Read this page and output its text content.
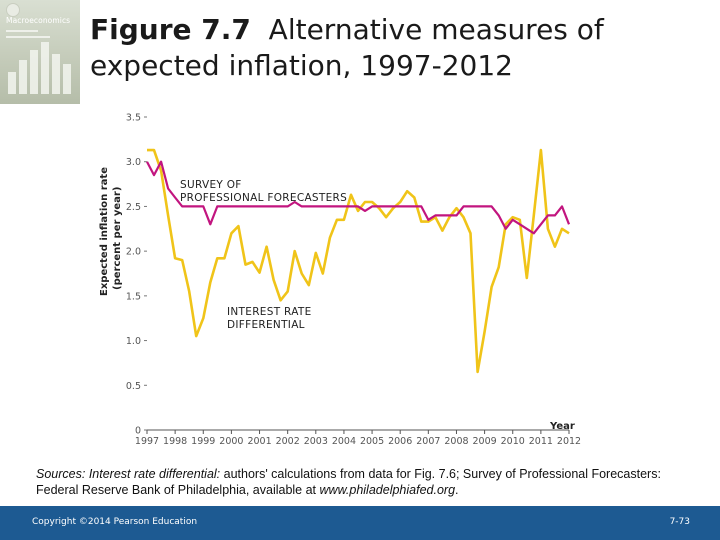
Macroeconomics Figure 7.7 Alternative measures of expected inflation, 1997-2012
0
0.5
1.0
1.5
2.0
2.5
3.0
3.5
1997 1998 1999 2000 2001 2002 2003 2004 2005 2006 2007 2008 2009 2010 2011 2012
Expected inflation rate (percent per year)
SURVEY OF
PROFESSIONAL FORECASTERS
INTEREST RATE
DIFFERENTIAL
Year
Sources: Interest rate differential: authors' calculations from data for Fig. 7.6; Survey of Professional Forecasters: Federal Reserve Bank of Philadelphia, available at www.philadelphiafed.org.
Copyright ©2014 Pearson Education	7-73
